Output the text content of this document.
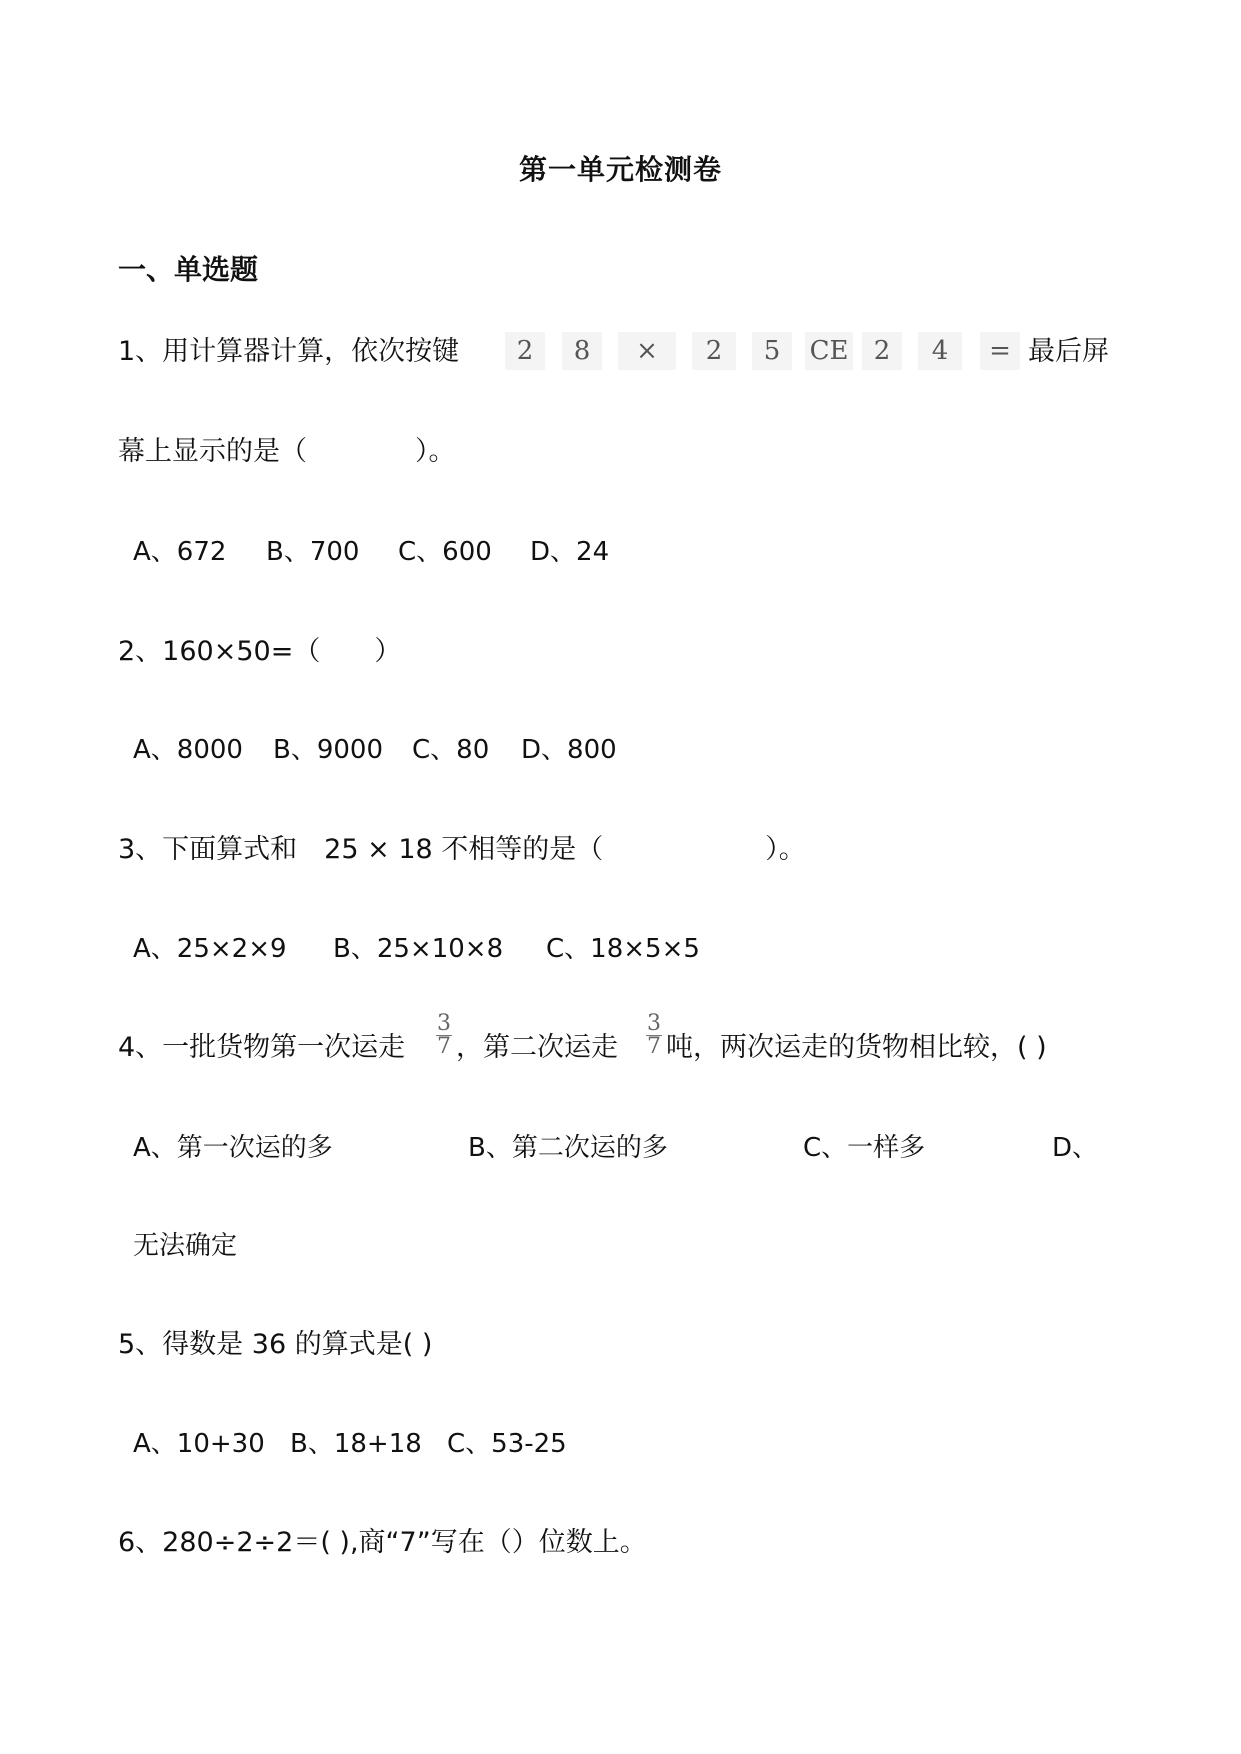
第一单元检测卷
一、单选题
1、用计算器计算，依次按键	2	8	×	2	5	CE 2	4	= 最后屏
幕上显示的是（　　　　）。
A、672 B、700 C、600 D、24
2、160×50=（　　）
A、8000 B、9000 C、80 D、800
3、下面算式和　25 × 18 不相等的是（　　　　　　）。
A、25×2×9 B、25×10×8 C、18×5×5
4、一批货物第一次运走
3
7 ，第二次运走
3
7 吨，两次运走的货物相比较，( )
A、第一次运的多	B、第二次运的多	C、一样多	D、
无法确定
5、得数是 36 的算式是( )
A、10+30 B、18+18 C、53-25
6、280÷2÷2＝( ),商“7”写在（）位数上。
